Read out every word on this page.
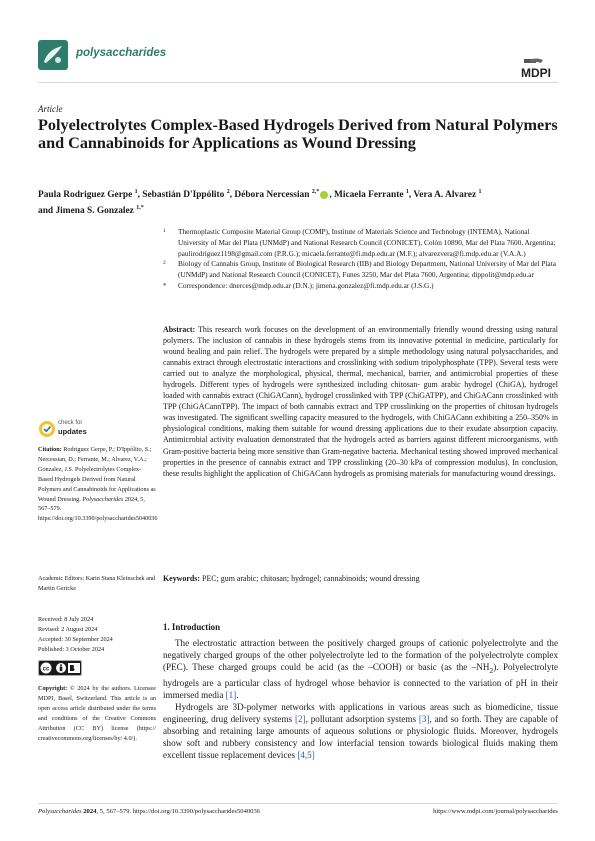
polysaccharides
MDPI
Article
Polyelectrolytes Complex-Based Hydrogels Derived from Natural Polymers and Cannabinoids for Applications as Wound Dressing
Paula Rodriguez Gerpe $^1$, Sebastián D'Ippólito $^2$, Débora Nercessian $^{2,*}$ , Micaela Ferrante $^1$, Vera A. Alvarez $^1$
and Jimena S. Gonzalez $^{1,*}$
1 Thermoplastic Composite Material Group (COMP), Institute of Materials Science and Technology (INTEMA), National University of Mar del Plata (UNMdP) and National Research Council (CONICET), Colón 10890, Mar del Plata 7600, Argentina; paulirodriguez1198@gmail.com (P.R.G.); micaela.ferrante@fi.mdp.edu.ar (M.F.); alvarezvera@fi.mdp.edu.ar (V.A.A.)
2 Biology of Cannabis Group, Institute of Biological Research (IIB) and Biology Department, National University of Mar del Plata (UNMdP) and National Research Council (CONICET), Funes 3250, Mar del Plata 7600, Argentina; dippolit@mdp.edu.ar
* Correspondence: dnerces@mdp.edu.ar (D.N.); jimena.gonzalez@fi.mdp.edu.ar (J.S.G.)
Abstract: This research work focuses on the development of an environmentally friendly wound dressing using natural polymers. The inclusion of cannabis in these hydrogels stems from its innovative potential in medicine, particularly for wound healing and pain relief. The hydrogels were prepared by a simple methodology using natural polysaccharides, and cannabis extract through electrostatic interactions and crosslinking with sodium tripolyphosphate (TPP). Several tests were carried out to analyze the morphological, physical, thermal, mechanical, barrier, and antimicrobial properties of these hydrogels. Different types of hydrogels were synthesized including chitosan- gum arabic hydrogel (ChiGA), hydrogel loaded with cannabis extract (ChiGACann), hydrogel crosslinked with TPP (ChiGATPP), and ChiGACann crosslinked with TPP (ChiGACannTPP). The impact of both cannabis extract and TPP crosslinking on the properties of chitosan hydrogels was investigated. The significant swelling capacity measured to the hydrogels, with ChiGACann exhibiting a 250–350% in physiological conditions, making them suitable for wound dressing applications due to their exudate absorption capacity. Antimicrobial activity evaluation demonstrated that the hydrogels acted as barriers against different microorganisms, with Gram-positive bacteria being more sensitive than Gram-negative bacteria. Mechanical testing showed improved mechanical properties in the presence of cannabis extract and TPP crosslinking (20–30 kPa of compression modulus). In conclusion, these results highlight the application of ChiGACann hydrogels as promising materials for manufacturing wound dressings.
Keywords: PEC; gum arabic; chitosan; hydrogel; cannabinoids; wound dressing
check for
updates
Citation: Rodriguez Gerpe, P.; D'Ippólito, S.; Nercessian, D.; Ferrante, M.; Alvarez, V.A.; Gonzalez, J.S. Polyelectrolytes Complex-Based Hydrogels Derived from Natural Polymers and Cannabinoids for Applications as Wound Dressing. Polysaccharides 2024, 5, 567–579.
https://doi.org/10.3390/polysaccharides5040036
Academic Editors: Karin Stana Kleinschek and Martin Gericke
Received: 8 July 2024
Revised: 2 August 2024
Accepted: 30 September 2024
Published: 3 October 2024
cc
Copyright: © 2024 by the authors. Licensee MDPI, Basel, Switzerland. This article is an open access article distributed under the terms and conditions of the Creative Commons Attribution (CC BY) license (https:// creativecommons.org/licenses/by/ 4.0/).
1. Introduction

The electrostatic attraction between the positively charged groups of cationic polyelectrolyte and the negatively charged groups of the other polyelectrolyte led to the formation of the polyelectrolyte complex (PEC). These charged groups could be acid (as the –COOH) or basic (as the $-NH_2$). Polyelectrolyte hydrogels are a particular class of hydrogel whose behavior is connected to the variation of pH in their immersed media [1].

Hydrogels are 3D-polymer networks with applications in various areas such as biomedicine, tissue engineering, drug delivery systems [2], pollutant adsorption systems [3], and so forth. They are capable of absorbing and retaining large amounts of aqueous solutions or physiologic fluids. Moreover, hydrogels show soft and rubbery consistency and low interfacial tension towards biological fluids making them excellent tissue replacement devices [4,5]

Polysaccharides 2024, 5, 567–579. https://doi.org/10.3390/polysaccharides5040036	https://www.mdpi.com/journal/polysaccharides
